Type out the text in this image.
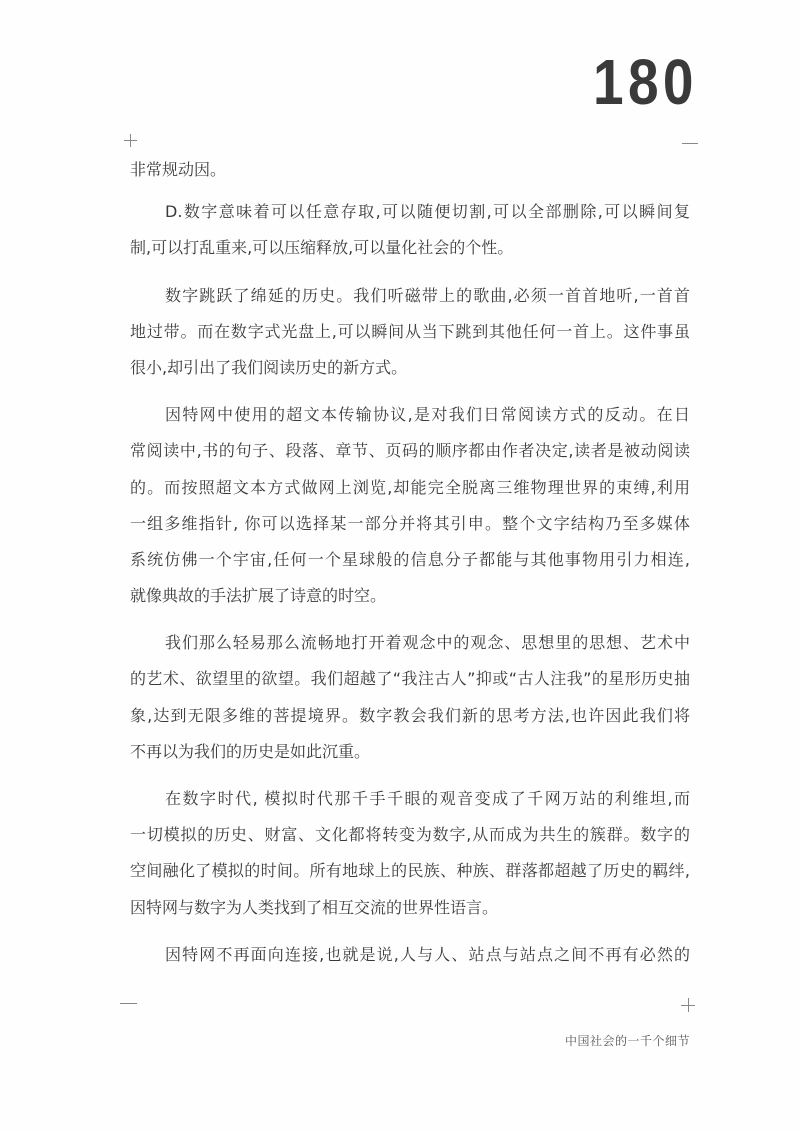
180
非常规动因。
D.数字意味着可以任意存取,可以随便切割,可以全部删除,可以瞬间复
制,可以打乱重来,可以压缩释放,可以量化社会的个性。
数字跳跃了绵延的历史。我们听磁带上的歌曲,必须一首首地听,一首首
地过带。而在数字式光盘上,可以瞬间从当下跳到其他任何一首上。这件事虽
很小,却引出了我们阅读历史的新方式。
因特网中使用的超文本传输协议,是对我们日常阅读方式的反动。在日
常阅读中,书的句子、段落、章节、页码的顺序都由作者决定,读者是被动阅读
的。而按照超文本方式做网上浏览,却能完全脱离三维物理世界的束缚,利用
一组多维指针, 你可以选择某一部分并将其引申。整个文字结构乃至多媒体
系统仿佛一个宇宙,任何一个星球般的信息分子都能与其他事物用引力相连,
就像典故的手法扩展了诗意的时空。
我们那么轻易那么流畅地打开着观念中的观念、思想里的思想、艺术中
的艺术、欲望里的欲望。我们超越了“我注古人”抑或“古人注我”的星形历史抽
象,达到无限多维的菩提境界。数字教会我们新的思考方法,也许因此我们将
不再以为我们的历史是如此沉重。
在数字时代, 模拟时代那千手千眼的观音变成了千网万站的利维坦,而
一切模拟的历史、财富、文化都将转变为数字,从而成为共生的簇群。数字的
空间融化了模拟的时间。所有地球上的民族、种族、群落都超越了历史的羁绊,
因特网与数字为人类找到了相互交流的世界性语言。
因特网不再面向连接,也就是说,人与人、站点与站点之间不再有必然的
中国社会的一千个细节
